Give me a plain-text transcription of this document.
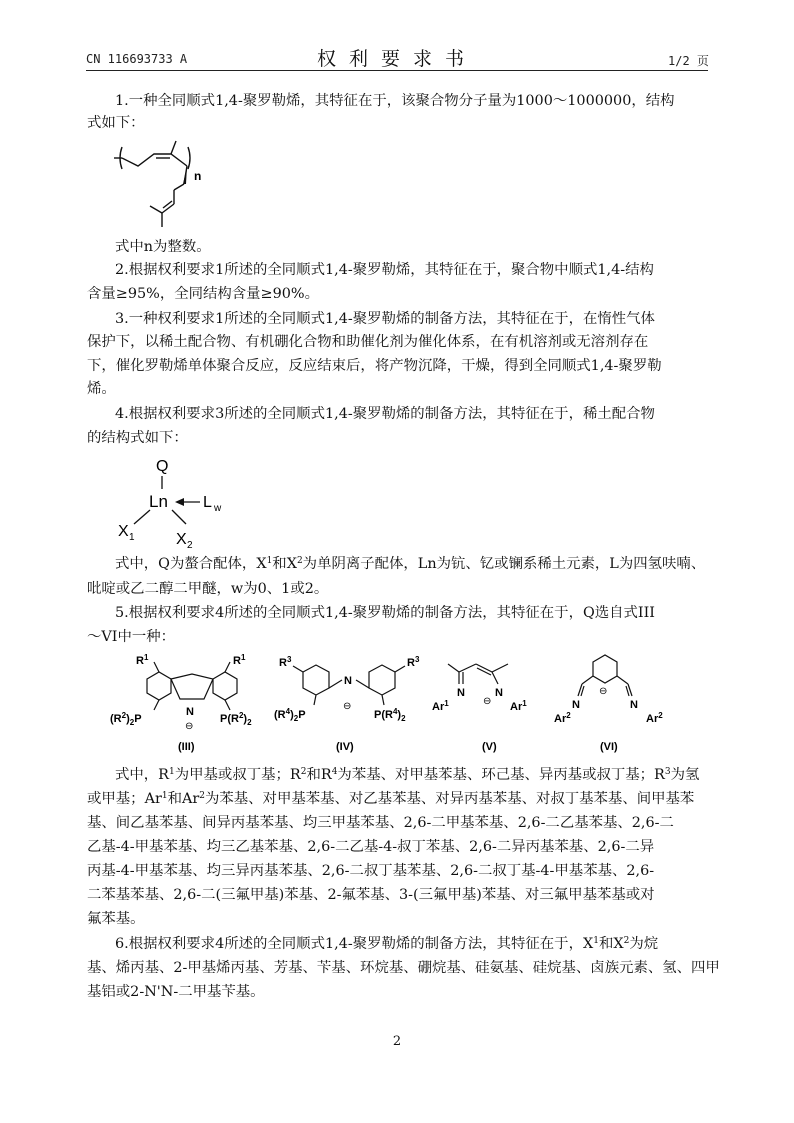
CN 116693733 A	权利要求书	1/2 页
1.一种全同顺式1,4-聚罗勒烯，其特征在于，该聚合物分子量为1000～1000000，结构
式如下：
n
式中n为整数。
2.根据权利要求1所述的全同顺式1,4-聚罗勒烯，其特征在于，聚合物中顺式1,4-结构
含量≥95%，全同结构含量≥90%。
3.一种权利要求1所述的全同顺式1,4-聚罗勒烯的制备方法，其特征在于，在惰性气体
保护下，以稀土配合物、有机硼化合物和助催化剂为催化体系，在有机溶剂或无溶剂存在
下，催化罗勒烯单体聚合反应，反应结束后，将产物沉降，干燥，得到全同顺式1,4-聚罗勒
烯。
4.根据权利要求3所述的全同顺式1,4-聚罗勒烯的制备方法，其特征在于，稀土配合物
的结构式如下：
Q
Ln L w
X 1	X 2
式中，Q为螯合配体，$X^1$和$X^2$为单阴离子配体，Ln为钪、钇或镧系稀土元素，L为四氢呋喃、
吡啶或乙二醇二甲醚，w为0、1或2。
5.根据权利要求4所述的全同顺式1,4-聚罗勒烯的制备方法，其特征在于，Q选自式III
～VI中一种：
$R^1$	$R^1$
N
⊖
$(R^2)_2P$	$P(R^2)_2$
(III)
$R^3$	$R^3$
N
⊖
$(R^4)_2P$	$P(R^4)_2$
(IV)
N	N
⊖
Ar$^1$	Ar$^1$
(V)
⊖
N	N
Ar$^2$	Ar$^2$
(VI)
式中，$R^1$为甲基或叔丁基；$R^2$和$R^4$为苯基、对甲基苯基、环己基、异丙基或叔丁基；$R^3$为氢
或甲基；Ar$^1$和Ar$^2$为苯基、对甲基苯基、对乙基苯基、对异丙基苯基、对叔丁基苯基、间甲基苯
基、间乙基苯基、间异丙基苯基、均三甲基苯基、2,6-二甲基苯基、2,6-二乙基苯基、2,6-二
乙基-4-甲基苯基、均三乙基苯基、2,6-二乙基-4-叔丁苯基、2,6-二异丙基苯基、2,6-二异
丙基-4-甲基苯基、均三异丙基苯基、2,6-二叔丁基苯基、2,6-二叔丁基-4-甲基苯基、2,6-
二苯基苯基、2,6-二(三氟甲基)苯基、2-氟苯基、3-(三氟甲基)苯基、对三氟甲基苯基或对
氟苯基。
6.根据权利要求4所述的全同顺式1,4-聚罗勒烯的制备方法，其特征在于，$X^1$和$X^2$为烷
基、烯丙基、2-甲基烯丙基、芳基、苄基、环烷基、硼烷基、硅氨基、硅烷基、卤族元素、氢、四甲
基铝或2-N'N-二甲基苄基。
2
